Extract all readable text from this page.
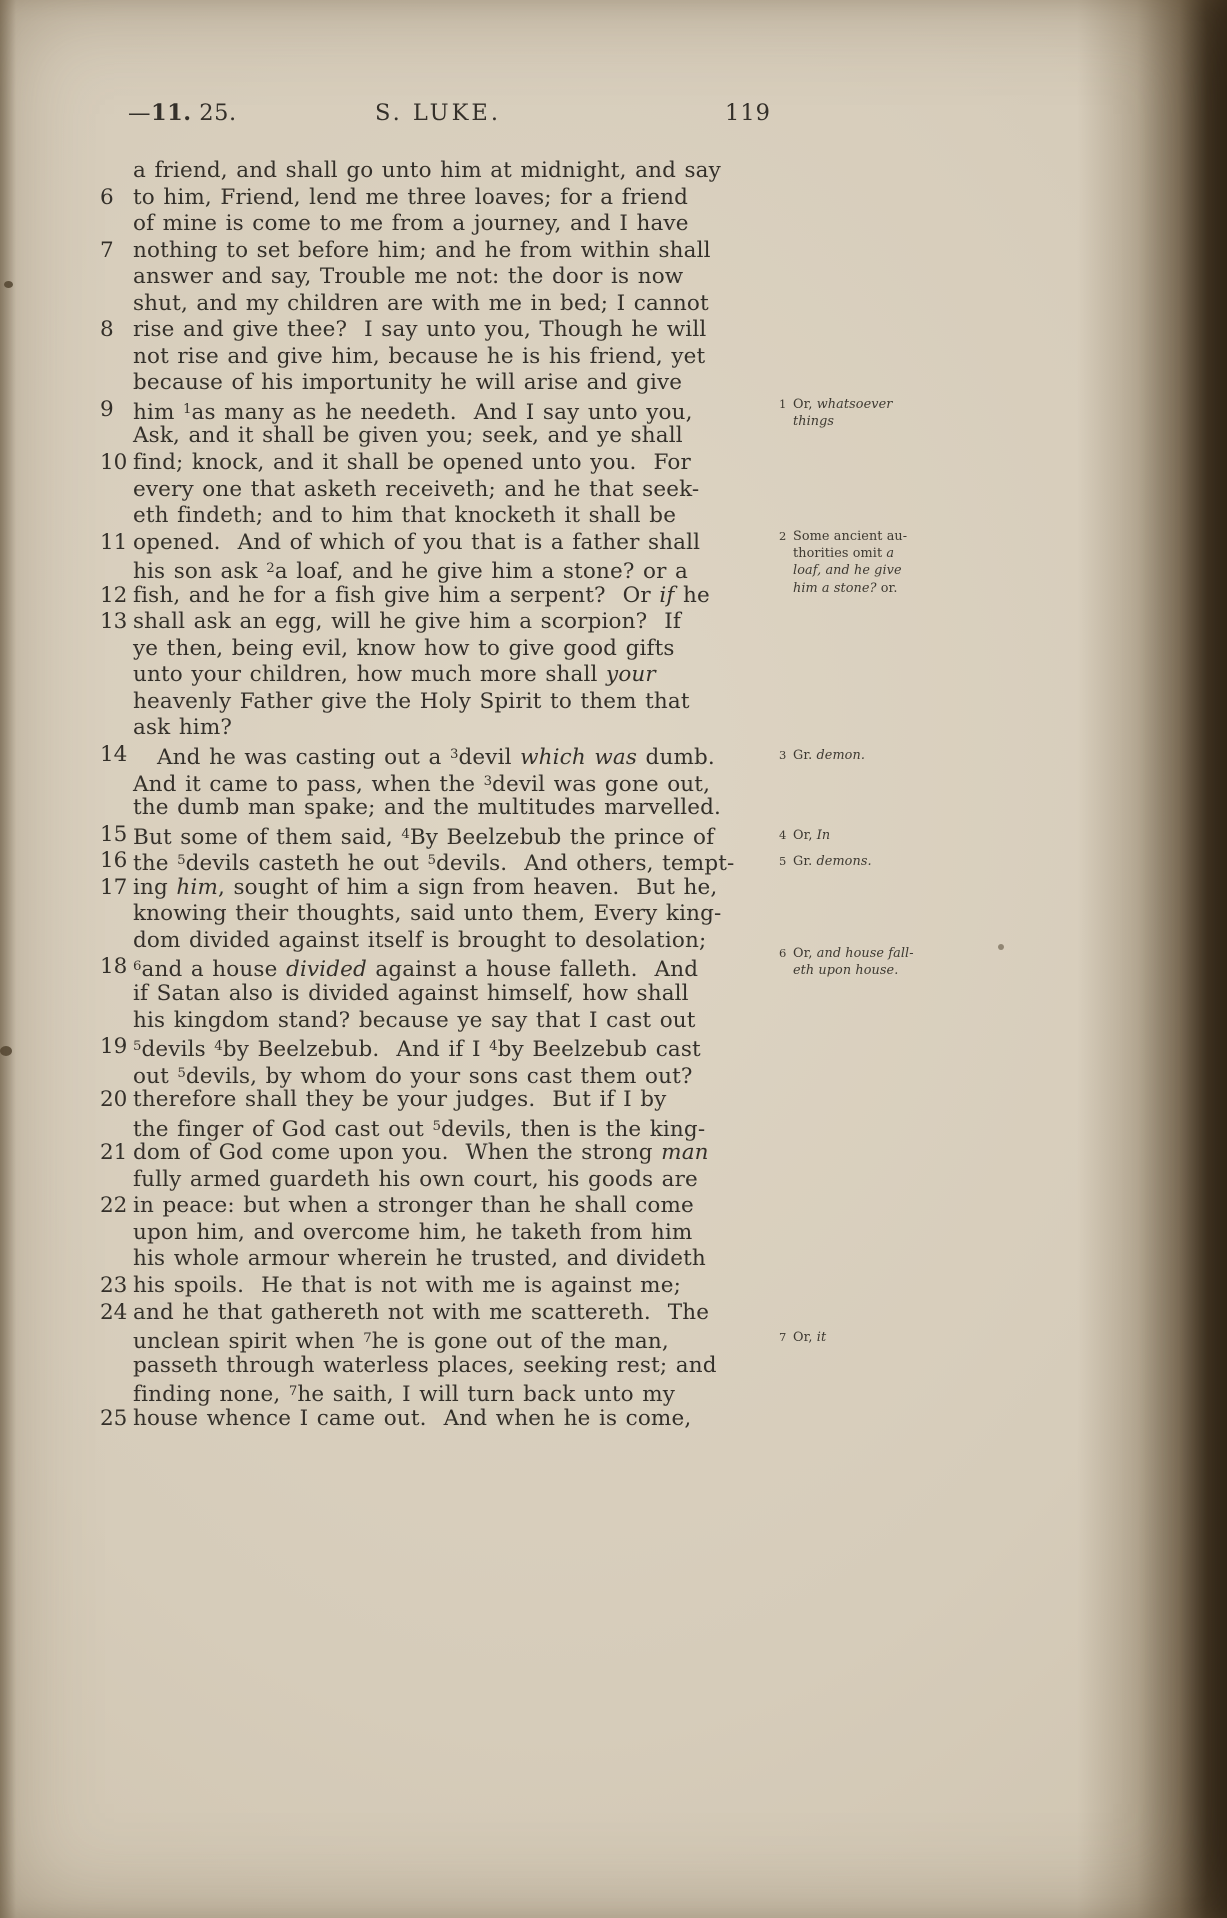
—11. 25.	S. LUKE.	119
a friend, and shall go unto him at midnight, and say
6 to him, Friend, lend me three loaves; for a friend
of mine is come to me from a journey, and I have
7 nothing to set before him; and he from within shall
answer and say, Trouble me not: the door is now
shut, and my children are with me in bed; I cannot
8 rise and give thee?  I say unto you, Though he will
not rise and give him, because he is his friend, yet
because of his importunity he will arise and give
9 him $^1$as many as he needeth.  And I say unto you,
Ask, and it shall be given you; seek, and ye shall
10 find; knock, and it shall be opened unto you.  For
every one that asketh receiveth; and he that seek-
eth findeth; and to him that knocketh it shall be
11 opened.  And of which of you that is a father shall
his son ask $^2$a loaf, and he give him a stone? or a
12 fish, and he for a fish give him a serpent?  Or if he
13 shall ask an egg, will he give him a scorpion?  If
ye then, being evil, know how to give good gifts
unto your children, how much more shall your
heavenly Father give the Holy Spirit to them that
ask him?
14	And he was casting out a $^3$devil which was dumb.
And it came to pass, when the $^3$devil was gone out,
the dumb man spake; and the multitudes marvelled.
15 But some of them said, $^4$By Beelzebub the prince of
16 the $^5$devils casteth he out $^5$devils.  And others, tempt-
17 ing him, sought of him a sign from heaven.  But he,
knowing their thoughts, said unto them, Every king-
dom divided against itself is brought to desolation;
18 $^6$and a house divided against a house falleth.  And
if Satan also is divided against himself, how shall
his kingdom stand? because ye say that I cast out
19 $^5$devils $^4$by Beelzebub.  And if I $^4$by Beelzebub cast
out $^5$devils, by whom do your sons cast them out?
20 therefore shall they be your judges.  But if I by
the finger of God cast out $^5$devils, then is the king-
21 dom of God come upon you.  When the strong man
fully armed guardeth his own court, his goods are
22 in peace: but when a stronger than he shall come
upon him, and overcome him, he taketh from him
his whole armour wherein he trusted, and divideth
23 his spoils.  He that is not with me is against me;
24 and he that gathereth not with me scattereth.  The
unclean spirit when $^7$he is gone out of the man,
passeth through waterless places, seeking rest; and
finding none, $^7$he saith, I will turn back unto my
25 house whence I came out.  And when he is come,
1 Or, whatsoever
things
2 Some ancient au-
thorities omit a
loaf, and he give
him a stone? or.
3 Gr. demon.
4 Or, In
5 Gr. demons.
6 Or, and house fall-
eth upon house.
7 Or, it
